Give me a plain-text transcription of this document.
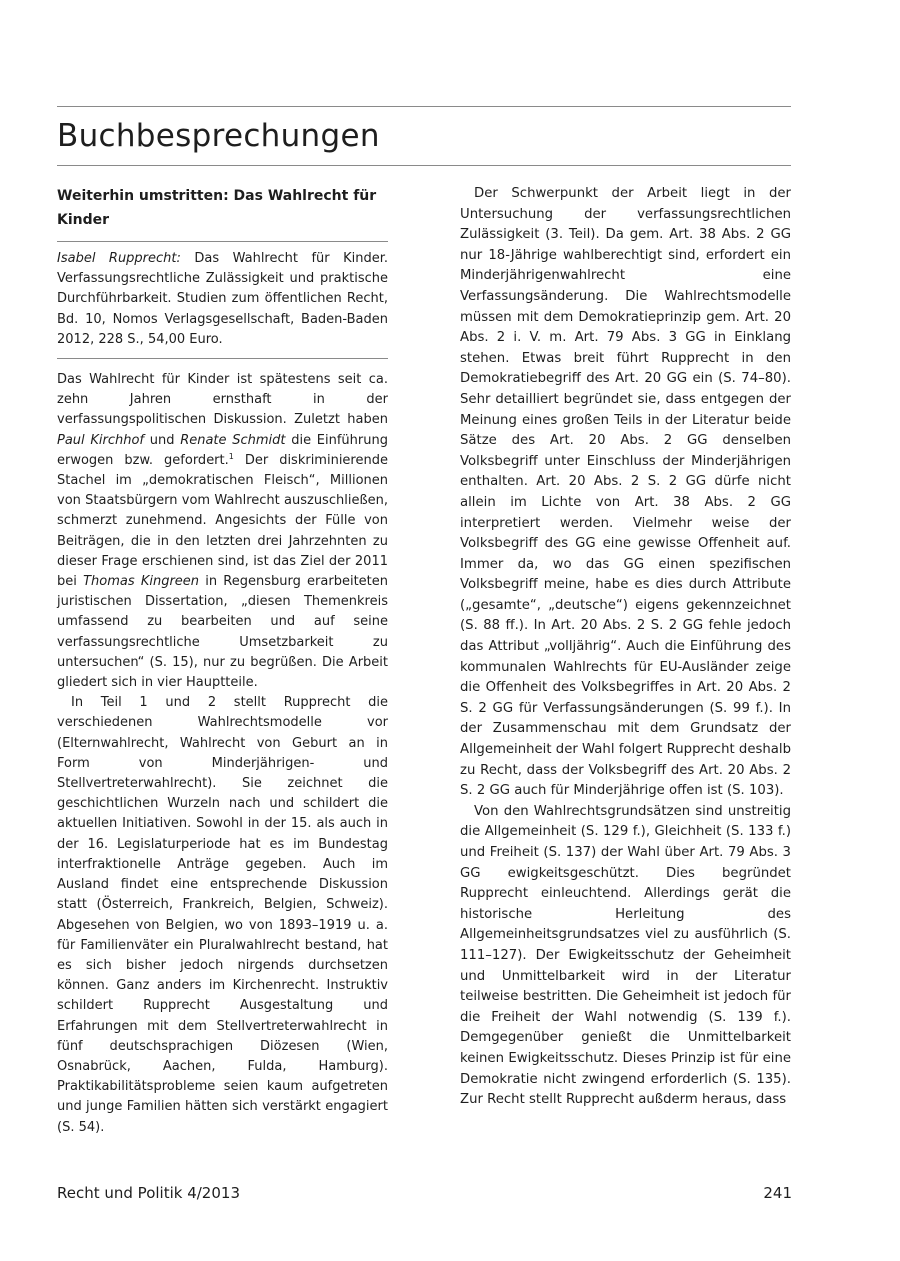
Buchbesprechungen
Weiterhin umstritten: Das Wahlrecht für Kinder

Isabel Rupprecht: Das Wahlrecht für Kinder. Verfassungsrechtliche Zulässigkeit und praktische Durchführbarkeit. Studien zum öffentlichen Recht, Bd. 10, Nomos Verlagsgesellschaft, Baden-Baden 2012, 228 S., 54,00 Euro.

Das Wahlrecht für Kinder ist spätestens seit ca. zehn Jahren ernsthaft in der verfassungspolitischen Diskussion. Zuletzt haben Paul Kirchhof und Renate Schmidt die Einführung erwogen bzw. gefordert.$^1$ Der diskriminierende Stachel im „demokratischen Fleisch“, Millionen von Staatsbürgern vom Wahlrecht auszuschließen, schmerzt zunehmend. Angesichts der Fülle von Beiträgen, die in den letzten drei Jahrzehnten zu dieser Frage erschienen sind, ist das Ziel der 2011 bei Thomas Kingreen in Regensburg erarbeiteten juristischen Dissertation, „diesen Themenkreis umfassend zu bearbeiten und auf seine verfassungsrechtliche Umsetzbarkeit zu untersuchen“ (S. 15), nur zu begrüßen. Die Arbeit gliedert sich in vier Hauptteile.

In Teil 1 und 2 stellt Rupprecht die verschiedenen Wahlrechtsmodelle vor (Elternwahlrecht, Wahlrecht von Geburt an in Form von Minderjährigen- und Stellvertreterwahlrecht). Sie zeichnet die geschichtlichen Wurzeln nach und schildert die aktuellen Initiativen. Sowohl in der 15. als auch in der 16. Legislaturperiode hat es im Bundestag interfraktionelle Anträge gegeben. Auch im Ausland findet eine entsprechende Diskussion statt (Österreich, Frankreich, Belgien, Schweiz). Abgesehen von Belgien, wo von 1893–1919 u. a. für Familienväter ein Pluralwahlrecht bestand, hat es sich bisher jedoch nirgends durchsetzen können. Ganz anders im Kirchenrecht. Instruktiv schildert Rupprecht Ausgestaltung und Erfahrungen mit dem Stellvertreterwahlrecht in fünf deutschsprachigen Diözesen (Wien, Osnabrück, Aachen, Fulda, Hamburg). Praktikabilitätsprobleme seien kaum aufgetreten und junge Familien hätten sich verstärkt engagiert (S. 54).

Der Schwerpunkt der Arbeit liegt in der Untersuchung der verfassungsrechtlichen Zulässigkeit (3. Teil). Da gem. Art. 38 Abs. 2 GG nur 18-Jährige wahlberechtigt sind, erfordert ein Minderjährigenwahlrecht eine Verfassungsänderung. Die Wahlrechtsmodelle müssen mit dem Demokratieprinzip gem. Art. 20 Abs. 2 i. V. m. Art. 79 Abs. 3 GG in Einklang stehen. Etwas breit führt Rupprecht in den Demokratiebegriff des Art. 20 GG ein (S. 74–80). Sehr detailliert begründet sie, dass entgegen der Meinung eines großen Teils in der Literatur beide Sätze des Art. 20 Abs. 2 GG denselben Volksbegriff unter Einschluss der Minderjährigen enthalten. Art. 20 Abs. 2 S. 2 GG dürfe nicht allein im Lichte von Art. 38 Abs. 2 GG interpretiert werden. Vielmehr weise der Volksbegriff des GG eine gewisse Offenheit auf. Immer da, wo das GG einen spezifischen Volksbegriff meine, habe es dies durch Attribute („gesamte“, „deutsche“) eigens gekennzeichnet (S. 88 ff.). In Art. 20 Abs. 2 S. 2 GG fehle jedoch das Attribut „volljährig“. Auch die Einführung des kommunalen Wahlrechts für EU-Ausländer zeige die Offenheit des Volksbegriffes in Art. 20 Abs. 2 S. 2 GG für Verfassungsänderungen (S. 99 f.). In der Zusammenschau mit dem Grundsatz der Allgemeinheit der Wahl folgert Rupprecht deshalb zu Recht, dass der Volksbegriff des Art. 20 Abs. 2 S. 2 GG auch für Minderjährige offen ist (S. 103).

Von den Wahlrechtsgrundsätzen sind unstreitig die Allgemeinheit (S. 129 f.), Gleichheit (S. 133 f.) und Freiheit (S. 137) der Wahl über Art. 79 Abs. 3 GG ewigkeitsgeschützt. Dies begründet Rupprecht einleuchtend. Allerdings gerät die historische Herleitung des Allgemeinheitsgrundsatzes viel zu ausführlich (S. 111–127). Der Ewigkeitsschutz der Geheimheit und Unmittelbarkeit wird in der Literatur teilweise bestritten. Die Geheimheit ist jedoch für die Freiheit der Wahl notwendig (S. 139 f.). Demgegenüber genießt die Unmittelbarkeit keinen Ewigkeitsschutz. Dieses Prinzip ist für eine Demokratie nicht zwingend erforderlich (S. 135). Zur Recht stellt Rupprecht außderm heraus, dass

Recht und Politik 4/2013	241
